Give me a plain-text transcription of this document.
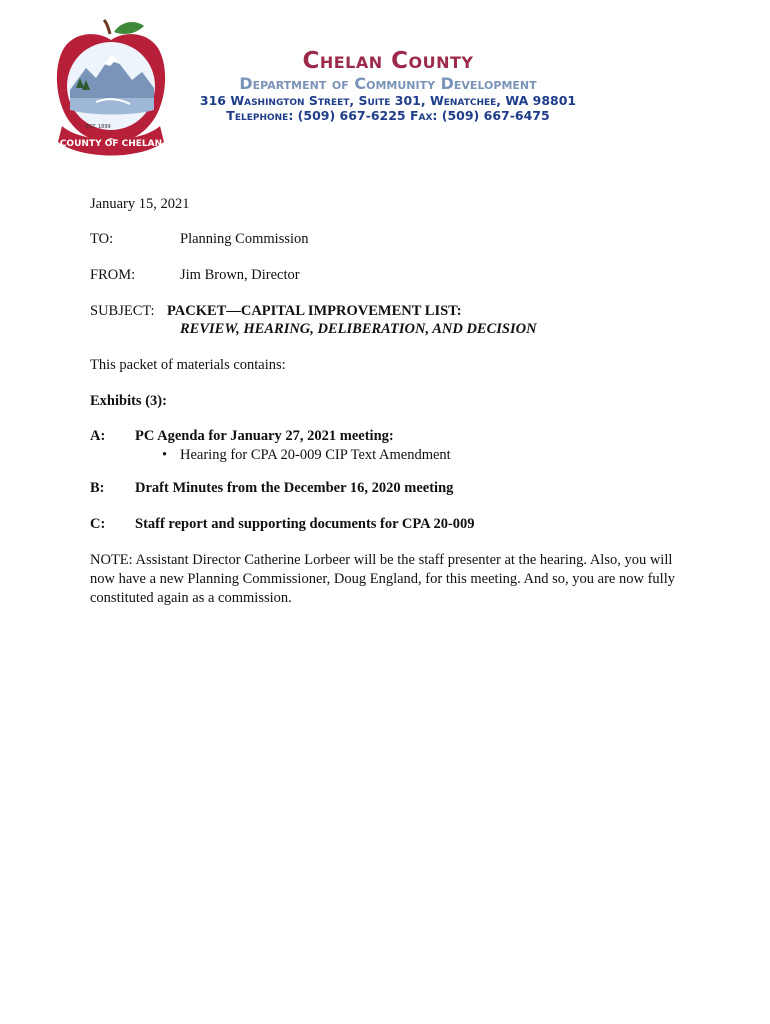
COUNTY OF CHELAN
EST. 1899
Chelan County
Department of Community Development
316 Washington Street, Suite 301, Wenatchee, WA 98801
Telephone: (509) 667-6225 Fax: (509) 667-6475
January 15, 2021
TO:	Planning Commission
FROM:	Jim Brown, Director
SUBJECT: PACKET—CAPITAL IMPROVEMENT LIST:
REVIEW, HEARING, DELIBERATION, AND DECISION
This packet of materials contains:
Exhibits (3):
A: PC Agenda for January 27, 2021 meeting:
• Hearing for CPA 20-009 CIP Text Amendment
B: Draft Minutes from the December 16, 2020 meeting
C: Staff report and supporting documents for CPA 20-009
NOTE: Assistant Director Catherine Lorbeer will be the staff presenter at the hearing. Also, you will now have a new Planning Commissioner, Doug England, for this meeting. And so, you are now fully constituted again as a commission.
